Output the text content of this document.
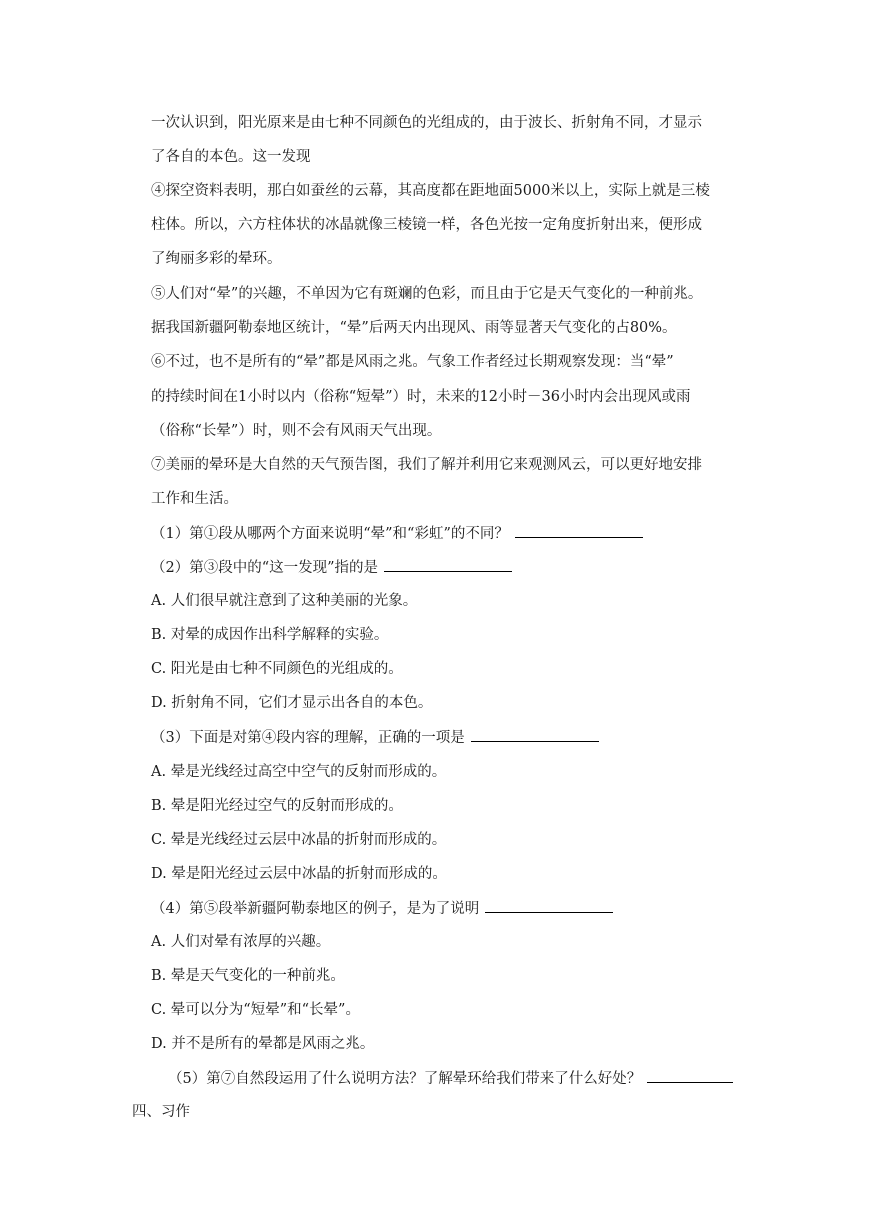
一次认识到，阳光原来是由七种不同颜色的光组成的，由于波长、折射角不同，才显示
了各自的本色。这一发现
④探空资料表明，那白如蚕丝的云幕，其高度都在距地面5000米以上，实际上就是三棱
柱体。所以，六方柱体状的冰晶就像三棱镜一样，各色光按一定角度折射出来，便形成
了绚丽多彩的晕环。
⑤人们对“晕”的兴趣，不单因为它有斑斓的色彩，而且由于它是天气变化的一种前兆。
据我国新疆阿勒泰地区统计，“晕”后两天内出现风、雨等显著天气变化的占80%。
⑥不过，也不是所有的“晕”都是风雨之兆。气象工作者经过长期观察发现：当“晕”
的持续时间在1小时以内（俗称“短晕”）时，未来的12小时－36小时内会出现风或雨
（俗称“长晕”）时，则不会有风雨天气出现。
⑦美丽的晕环是大自然的天气预告图，我们了解并利用它来观测风云，可以更好地安排
工作和生活。
（1）第①段从哪两个方面来说明“晕”和“彩虹”的不同？
（2）第③段中的“这一发现”指的是
A. 人们很早就注意到了这种美丽的光象。
B. 对晕的成因作出科学解释的实验。
C. 阳光是由七种不同颜色的光组成的。
D. 折射角不同，它们才显示出各自的本色。
（3）下面是对第④段内容的理解，正确的一项是
A. 晕是光线经过高空中空气的反射而形成的。
B. 晕是阳光经过空气的反射而形成的。
C. 晕是光线经过云层中冰晶的折射而形成的。
D. 晕是阳光经过云层中冰晶的折射而形成的。
（4）第⑤段举新疆阿勒泰地区的例子，是为了说明
A. 人们对晕有浓厚的兴趣。
B. 晕是天气变化的一种前兆。
C. 晕可以分为“短晕”和“长晕”。
D. 并不是所有的晕都是风雨之兆。
（5）第⑦自然段运用了什么说明方法？了解晕环给我们带来了什么好处？
四、习作
